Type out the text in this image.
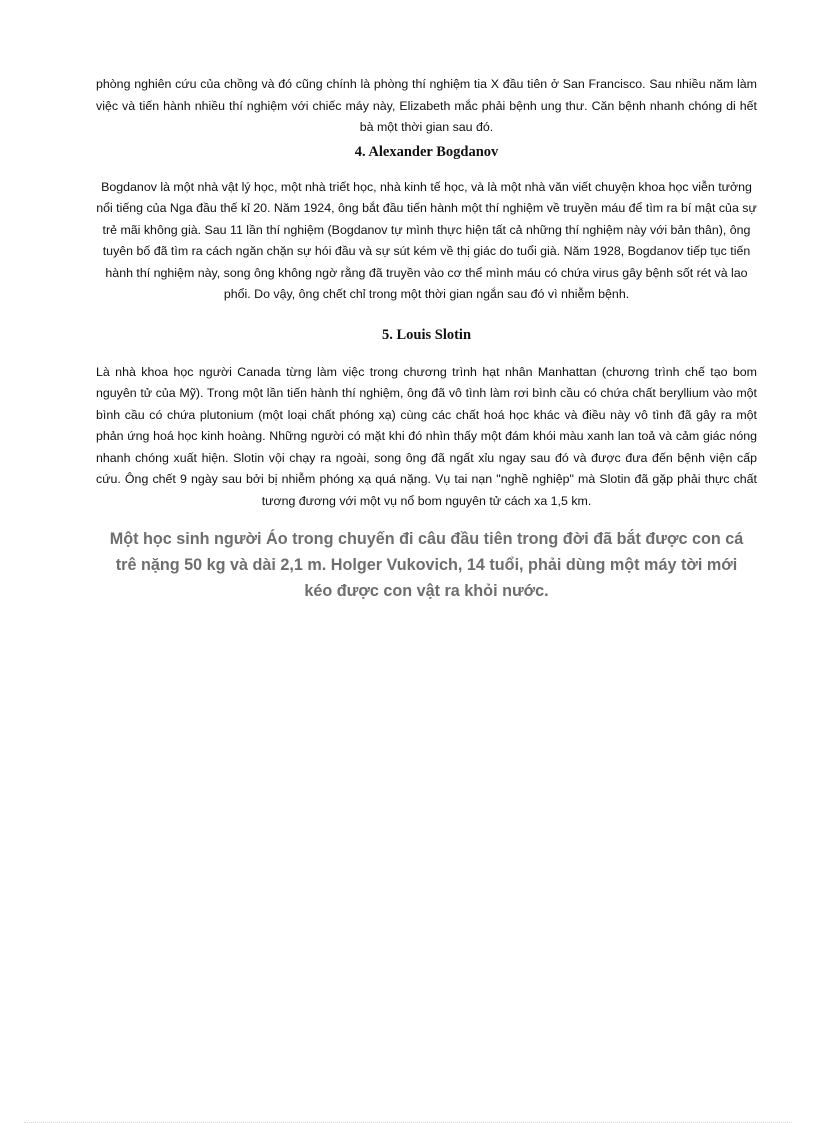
phòng nghiên cứu của chồng và đó cũng chính là phòng thí nghiệm tia X đầu tiên ở San Francisco. Sau nhiều năm làm việc và tiến hành nhiều thí nghiệm với chiếc máy này, Elizabeth mắc phải bệnh ung thư. Căn bệnh nhanh chóng di hết bà một thời gian sau đó.

4. Alexander Bogdanov

Bogdanov là một nhà vật lý học, một nhà triết học, nhà kinh tế học, và là một nhà văn viết chuyện khoa học viễn tưởng nổi tiếng của Nga đầu thế kỉ 20. Năm 1924, ông bắt đầu tiến hành một thí nghiệm về truyền máu để tìm ra bí mật của sự trẻ mãi không già. Sau 11 lần thí nghiệm (Bogdanov tự mình thực hiện tất cả những thí nghiệm này với bản thân), ông tuyên bố đã tìm ra cách ngăn chặn sự hói đầu và sự sút kém về thị giác do tuổi già. Năm 1928, Bogdanov tiếp tục tiến hành thí nghiệm này, song ông không ngờ rằng đã truyền vào cơ thể mình máu có chứa virus gây bệnh sốt rét và lao phổi. Do vậy, ông chết chỉ trong một thời gian ngắn sau đó vì nhiễm bệnh.

5. Louis Slotin

Là nhà khoa học người Canada từng làm việc trong chương trình hạt nhân Manhattan (chương trình chế tạo bom nguyên tử của Mỹ). Trong một lần tiến hành thí nghiệm, ông đã vô tình làm rơi bình cầu có chứa chất beryllium vào một bình cầu có chứa plutonium (một loại chất phóng xạ) cùng các chất hoá học khác và điều này vô tình đã gây ra một phản ứng hoá học kinh hoàng. Những người có mặt khi đó nhìn thấy một đám khói màu xanh lan toả và cảm giác nóng nhanh chóng xuất hiện. Slotin vội chạy ra ngoài, song ông đã ngất xỉu ngay sau đó và được đưa đến bệnh viện cấp cứu. Ông chết 9 ngày sau bởi bị nhiễm phóng xạ quá nặng. Vụ tai nạn "nghề nghiệp" mà Slotin đã gặp phải thực chất tương đương với một vụ nổ bom nguyên tử cách xa 1,5 km.

Một học sinh người Áo trong chuyến đi câu đầu tiên trong đời đã bắt được con cá trê nặng 50 kg và dài 2,1 m. Holger Vukovich, 14 tuổi, phải dùng một máy tời mới kéo được con vật ra khỏi nước.
